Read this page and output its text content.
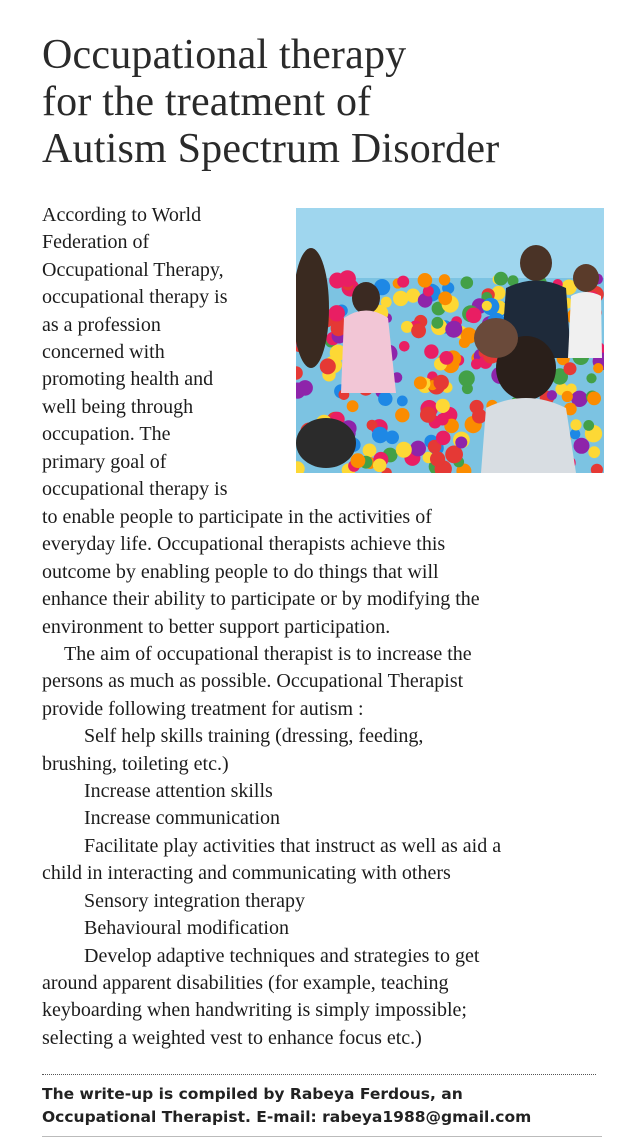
Occupational therapy
for the treatment of
Autism Spectrum Disorder
According to World
Federation of
Occupational Therapy,
occupational therapy is
as a profession
concerned with
promoting health and
well being through
occupation. The
primary goal of
occupational therapy is
to enable people to participate in the activities of
everyday life. Occupational therapists achieve this
outcome by enabling people to do things that will
enhance their ability to participate or by modifying the
environment to better support participation.
The aim of occupational therapist is to increase the
persons as much as possible. Occupational Therapist
provide following treatment for autism :
Self help skills training (dressing, feeding,
brushing, toileting etc.)
Increase attention skills
Increase communication
Facilitate play activities that instruct as well as aid a
child in interacting and communicating with others
Sensory integration therapy
Behavioural modification
Develop adaptive techniques and strategies to get
around apparent disabilities (for example, teaching
keyboarding when handwriting is simply impossible;
selecting a weighted vest to enhance focus etc.)
The write-up is compiled by Rabeya Ferdous, an
Occupational Therapist. E-mail: rabeya1988@gmail.com
